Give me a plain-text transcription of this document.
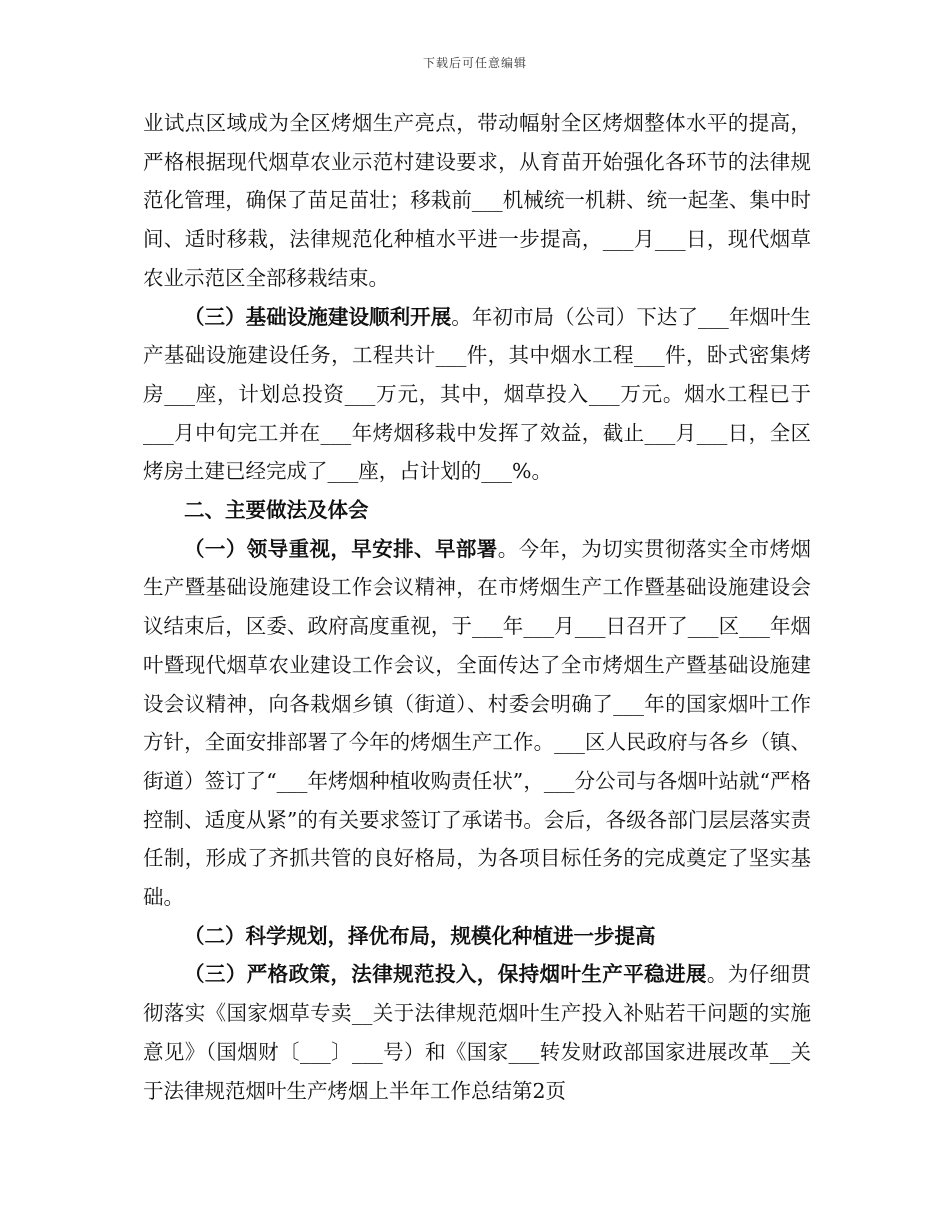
下载后可任意编辑

业试点区域成为全区烤烟生产亮点，带动幅射全区烤烟整体水平的提高，严格根据现代烟草农业示范村建设要求，从育苗开始强化各环节的法律规范化管理，确保了苗足苗壮；移栽前___机械统一机耕、统一起垄、集中时间、适时移栽，法律规范化种植水平进一步提高，___月___日，现代烟草农业示范区全部移栽结束。

（三）基础设施建设顺利开展。年初市局（公司）下达了___年烟叶生产基础设施建设任务，工程共计___件，其中烟水工程___件，卧式密集烤房___座，计划总投资___万元，其中，烟草投入___万元。烟水工程已于___月中旬完工并在___年烤烟移栽中发挥了效益，截止___月___日，全区烤房土建已经完成了___座，占计划的___%。

二、主要做法及体会

（一）领导重视，早安排、早部署。今年，为切实贯彻落实全市烤烟生产暨基础设施建设工作会议精神，在市烤烟生产工作暨基础设施建设会议结束后，区委、政府高度重视，于___年___月___日召开了___区___年烟叶暨现代烟草农业建设工作会议，全面传达了全市烤烟生产暨基础设施建设会议精神，向各栽烟乡镇（街道）、村委会明确了___年的国家烟叶工作方针，全面安排部署了今年的烤烟生产工作。___区人民政府与各乡（镇、街道）签订了“___年烤烟种植收购责任状”，___分公司与各烟叶站就“严格控制、适度从紧”的有关要求签订了承诺书。会后，各级各部门层层落实责任制，形成了齐抓共管的良好格局，为各项目标任务的完成奠定了坚实基础。

（二）科学规划，择优布局，规模化种植进一步提高

（三）严格政策，法律规范投入，保持烟叶生产平稳进展。为仔细贯彻落实《国家烟草专卖__关于法律规范烟叶生产投入补贴若干问题的实施意见》（国烟财〔___〕___号）和《国家___转发财政部国家进展改革__关于法律规范烟叶生产烤烟上半年工作总结第2页
